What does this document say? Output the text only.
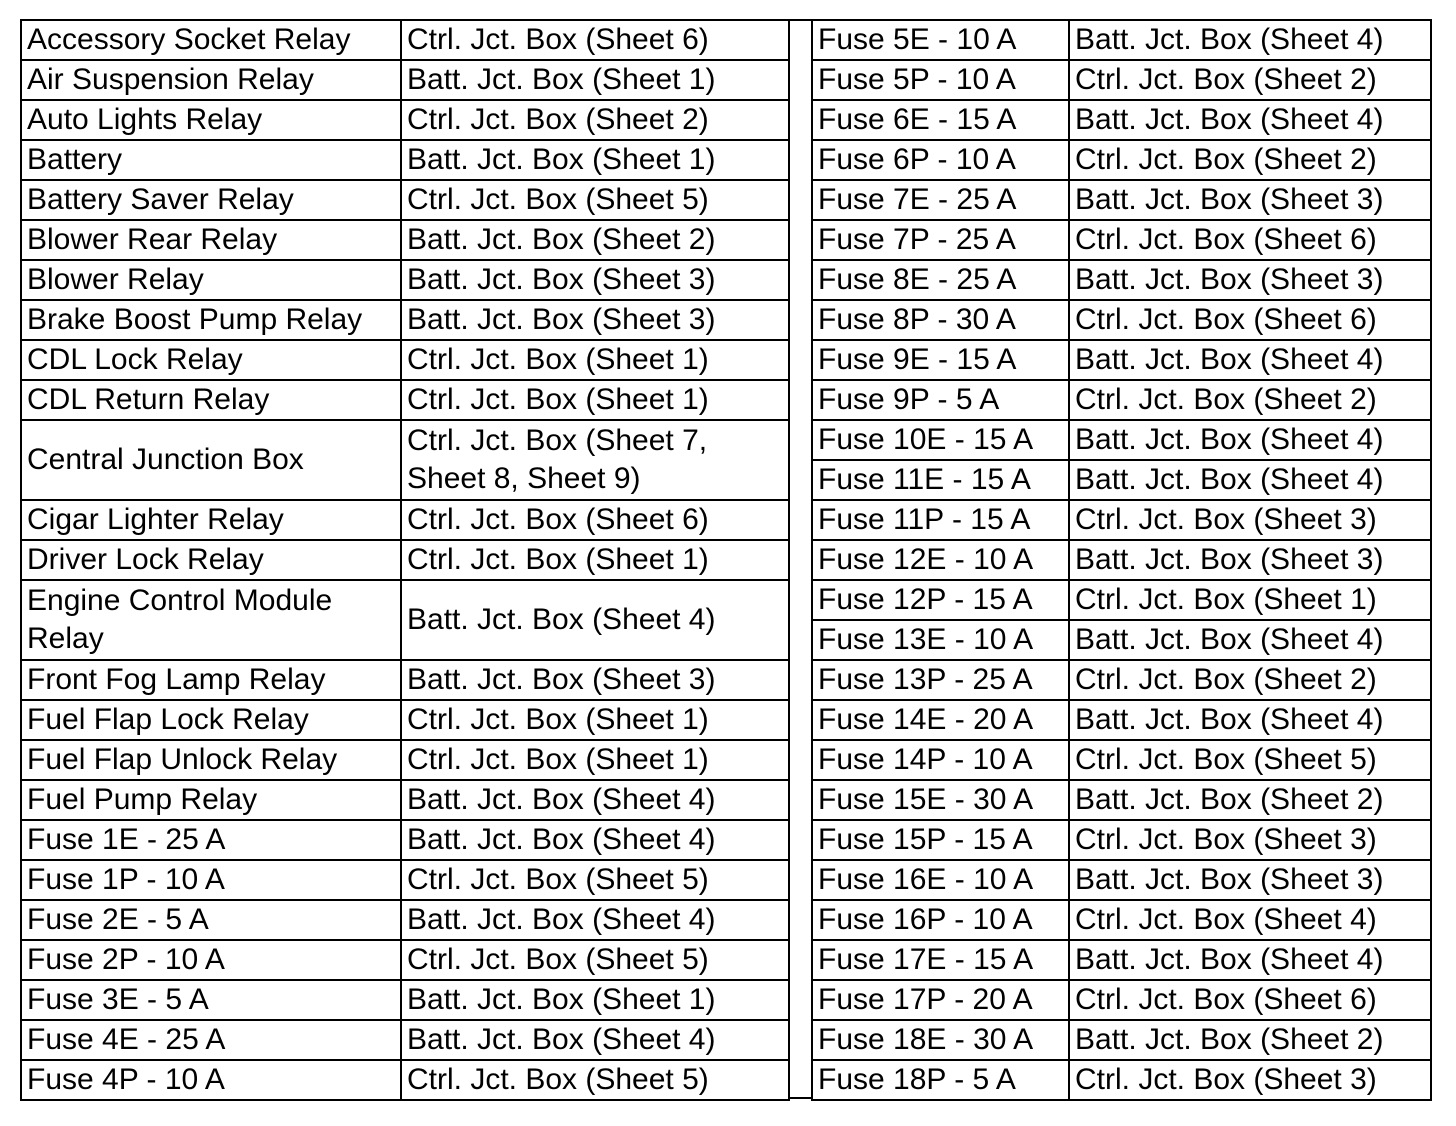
Accessory Socket Relay	Ctrl. Jct. Box (Sheet 6)
Air Suspension Relay	Batt. Jct. Box (Sheet 1)
Auto Lights Relay	Ctrl. Jct. Box (Sheet 2)
Battery	Batt. Jct. Box (Sheet 1)
Battery Saver Relay	Ctrl. Jct. Box (Sheet 5)
Blower Rear Relay	Batt. Jct. Box (Sheet 2)
Blower Relay	Batt. Jct. Box (Sheet 3)
Brake Boost Pump Relay	Batt. Jct. Box (Sheet 3)
CDL Lock Relay	Ctrl. Jct. Box (Sheet 1)
CDL Return Relay	Ctrl. Jct. Box (Sheet 1)
Central Junction Box	Ctrl. Jct. Box (Sheet 7, Sheet 8, Sheet 9)
Cigar Lighter Relay	Ctrl. Jct. Box (Sheet 6)
Driver Lock Relay	Ctrl. Jct. Box (Sheet 1)
Engine Control Module Relay	Batt. Jct. Box (Sheet 4)
Front Fog Lamp Relay	Batt. Jct. Box (Sheet 3)
Fuel Flap Lock Relay	Ctrl. Jct. Box (Sheet 1)
Fuel Flap Unlock Relay	Ctrl. Jct. Box (Sheet 1)
Fuel Pump Relay	Batt. Jct. Box (Sheet 4)
Fuse 1E - 25 A	Batt. Jct. Box (Sheet 4)
Fuse 1P - 10 A	Ctrl. Jct. Box (Sheet 5)
Fuse 2E - 5 A	Batt. Jct. Box (Sheet 4)
Fuse 2P - 10 A	Ctrl. Jct. Box (Sheet 5)
Fuse 3E - 5 A	Batt. Jct. Box (Sheet 1)
Fuse 4E - 25 A	Batt. Jct. Box (Sheet 4)
Fuse 4P - 10 A	Ctrl. Jct. Box (Sheet 5)
Fuse 5E - 10 A	Batt. Jct. Box (Sheet 4)
Fuse 5P - 10 A	Ctrl. Jct. Box (Sheet 2)
Fuse 6E - 15 A	Batt. Jct. Box (Sheet 4)
Fuse 6P - 10 A	Ctrl. Jct. Box (Sheet 2)
Fuse 7E - 25 A	Batt. Jct. Box (Sheet 3)
Fuse 7P - 25 A	Ctrl. Jct. Box (Sheet 6)
Fuse 8E - 25 A	Batt. Jct. Box (Sheet 3)
Fuse 8P - 30 A	Ctrl. Jct. Box (Sheet 6)
Fuse 9E - 15 A	Batt. Jct. Box (Sheet 4)
Fuse 9P - 5 A	Ctrl. Jct. Box (Sheet 2)
Fuse 10E - 15 A	Batt. Jct. Box (Sheet 4)
Fuse 11E - 15 A	Batt. Jct. Box (Sheet 4)
Fuse 11P - 15 A	Ctrl. Jct. Box (Sheet 3)
Fuse 12E - 10 A	Batt. Jct. Box (Sheet 3)
Fuse 12P - 15 A	Ctrl. Jct. Box (Sheet 1)
Fuse 13E - 10 A	Batt. Jct. Box (Sheet 4)
Fuse 13P - 25 A	Ctrl. Jct. Box (Sheet 2)
Fuse 14E - 20 A	Batt. Jct. Box (Sheet 4)
Fuse 14P - 10 A	Ctrl. Jct. Box (Sheet 5)
Fuse 15E - 30 A	Batt. Jct. Box (Sheet 2)
Fuse 15P - 15 A	Ctrl. Jct. Box (Sheet 3)
Fuse 16E - 10 A	Batt. Jct. Box (Sheet 3)
Fuse 16P - 10 A	Ctrl. Jct. Box (Sheet 4)
Fuse 17E - 15 A	Batt. Jct. Box (Sheet 4)
Fuse 17P - 20 A	Ctrl. Jct. Box (Sheet 6)
Fuse 18E - 30 A	Batt. Jct. Box (Sheet 2)
Fuse 18P - 5 A	Ctrl. Jct. Box (Sheet 3)
